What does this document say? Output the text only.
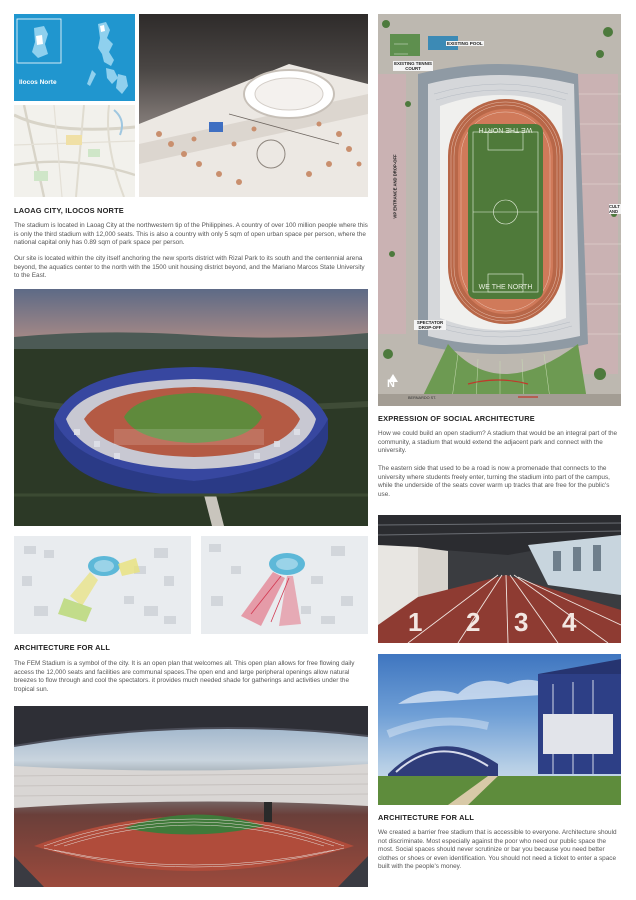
Ilocos Norte
LAOAG CITY, ILOCOS NORTE
The stadium is located in Laoag City at the northwestern tip of the Philippines. A country of over 100 million people where this is only the third stadium with 12,000 seats. This is also a country with only 5 sqm of open urban space per person, where the national capital only has 0.89 sqm of park space per person.
Our site is located within the city itself anchoring the new sports district with Rizal Park to its south and the centennial arena beyond, the aquatics center to the north with the 1500 unit housing district beyond, and the Mariano Marcos State University to the East.
ARCHITECTURE FOR ALL
The FEM Stadium is a symbol of the city. It is an open plan that welcomes all. This open plan allows for free flowing daily access the 12,000 seats and facilities are communal spaces.The open end and large peripheral openings allow natural breezes to flow through and cool the spectators. it provides much needed shade for gatherings and activities under the tropical sun.
EXISTING POOL
EXISTING TENNIS COURT
VIP ENTRANCE AND DROP-OFF
SPECTATOR DROP-OFF
WE THE NORTH
WE THE NORTH
CULT AND
BERNARDO ST.
N
EXPRESSION OF SOCIAL ARCHITECTURE
How we could build an open stadium? A stadium that would be an integral part of the community, a stadium that would extend the adjacent park and connect with the university.
The eastern side that used to be a road is now a promenade that connects to the university where students freely enter, turning the stadium into part of the campus, while the underside of the seats cover warm up tracks that are free for the public's use.
1 2 3 4
ARCHITECTURE FOR ALL
We created a barrier free stadium that is accessible to everyone. Architecture should not discriminate. Most especially against the poor who need our public space the most. Social spaces should never scrutinize or bar you because you need better clothes or shoes or even identification. You should not need a ticket to enter a space built with the people's money.
